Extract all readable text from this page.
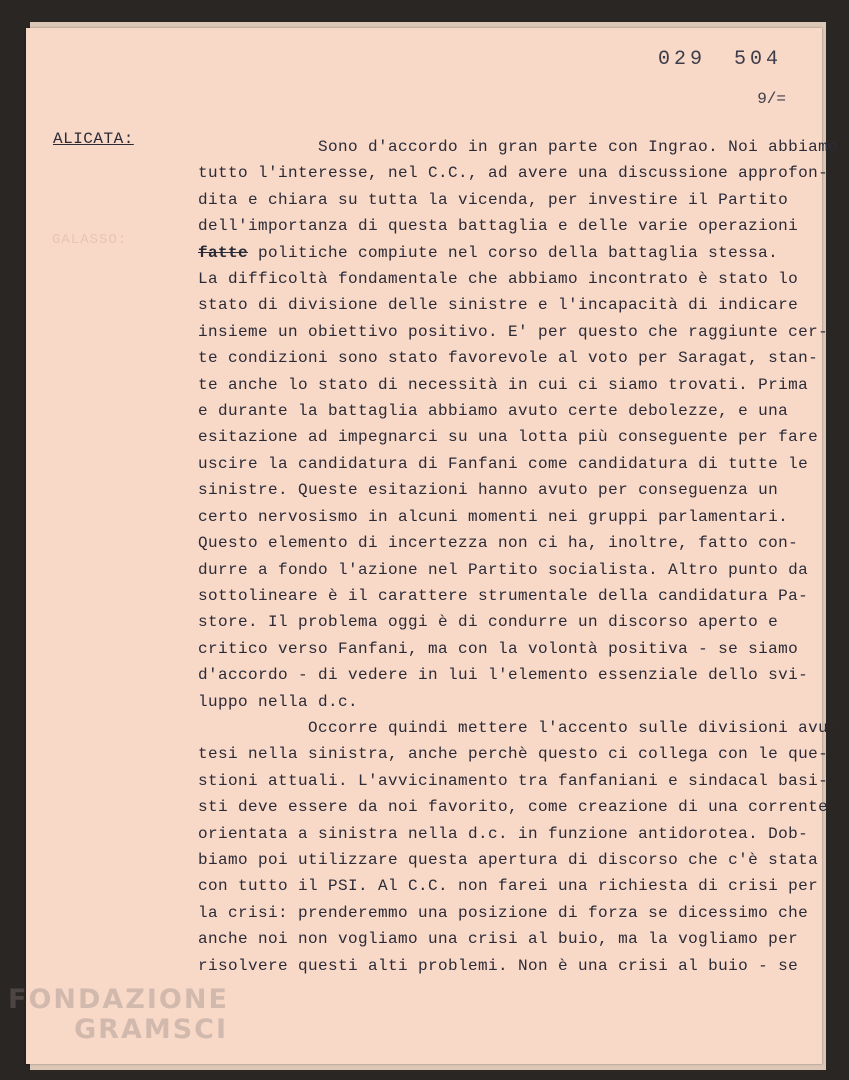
029 504
9/=
ALICATA:
GALASSO:
Sono d'accordo in gran parte con Ingrao. Noi abbiamo
tutto l'interesse, nel C.C., ad avere una discussione approfon-
dita e chiara su tutta la vicenda, per investire il Partito
dell'importanza di questa battaglia e delle varie operazioni
fatte politiche compiute nel corso della battaglia stessa.
La difficoltà fondamentale che abbiamo incontrato è stato lo
stato di divisione delle sinistre e l'incapacità di indicare
insieme un obiettivo positivo. E' per questo che raggiunte cer-
te condizioni sono stato favorevole al voto per Saragat, stan-
te anche lo stato di necessità in cui ci siamo trovati. Prima
e durante la battaglia abbiamo avuto certe debolezze, e una
esitazione ad impegnarci su una lotta più conseguente per fare
uscire la candidatura di Fanfani come candidatura di tutte le
sinistre. Queste esitazioni hanno avuto per conseguenza un
certo nervosismo in alcuni momenti nei gruppi parlamentari.
Questo elemento di incertezza non ci ha, inoltre, fatto con-
durre a fondo l'azione nel Partito socialista. Altro punto da
sottolineare è il carattere strumentale della candidatura Pa-
store. Il problema oggi è di condurre un discorso aperto e
critico verso Fanfani, ma con la volontà positiva - se siamo
d'accordo - di vedere in lui l'elemento essenziale dello svi-
luppo nella d.c.
Occorre quindi mettere l'accento sulle divisioni avu-
tesi nella sinistra, anche perchè questo ci collega con le que-
stioni attuali. L'avvicinamento tra fanfaniani e sindacal basi-
sti deve essere da noi favorito, come creazione di una corrente
orientata a sinistra nella d.c. in funzione antidorotea. Dob-
biamo poi utilizzare questa apertura di discorso che c'è stata
con tutto il PSI. Al C.C. non farei una richiesta di crisi per
la crisi: prenderemmo una posizione di forza se dicessimo che
anche noi non vogliamo una crisi al buio, ma la vogliamo per
risolvere questi alti problemi. Non è una crisi al buio - se
FONDAZIONE
GRAMSCI
